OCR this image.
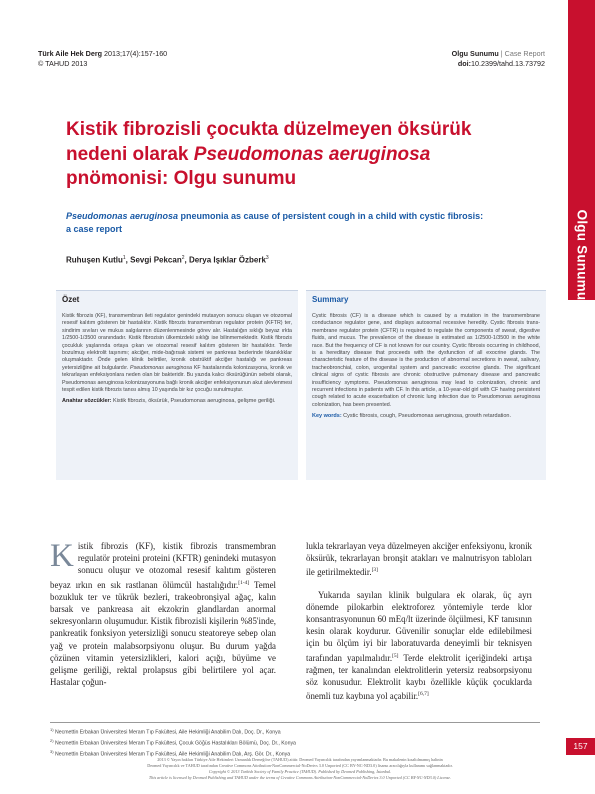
Olgu Sunumu
Türk Aile Hek Derg 2013;17(4):157-160
© TAHUD 2013
Olgu Sunumu | Case Report
doi:10.2399/tahd.13.73792
Kistik fibrozisli çocukta düzelmeyen öksürük
nedeni olarak Pseudomonas aeruginosa
pnömonisi: Olgu sunumu
Pseudomonas aeruginosa pneumonia as cause of persistent cough in a child with cystic fibrosis:
a case report
Ruhuşen Kutlu$^1$, Sevgi Pekcan$^2$, Derya Işıklar Özberk$^3$
Özet
Kistik fibrozis (KF), transmembran ileti regulator genindeki mutasyon sonucu oluşan ve otozomal resesif kalıtım gösteren bir hastalıktır. Kistik fibrozis transmembran regulator protein (KFTR) ter, sindirim sıvıları ve mukus salgılarının düzenlenmesinde görev alır. Hastalığın sıklığı beyaz ırkta 1/2500-1/3500 oranındadır. Kistik fibrozisin ülkemizdeki sıklığı ise bilinmemektedir. Kistik fibrozis çocukluk yaşlarında ortaya çıkan ve otozomal resesif kalıtım gösteren bir hastalıktır. Terde bozulmuş elektrolit taşınımı; akciğer, mide-bağırsak sistemi ve pankreas bezlerinde tıkanıklıklar oluşmaktadır. Önde gelen klinik belirtiler, kronik obstrüktif akciğer hastalığı ve pankreas yetersizliğine ait bulgulardır. Pseudomonas aeruginosa KF hastalarında kolonizasyona, kronik ve tekrarlayan enfeksiyonlara neden olan bir bakteridir. Bu yazıda kalıcı öksürüğünün sebebi olarak, Pseudomonas aeruginosa kolonizasyonuna bağlı kronik akciğer enfeksiyonunun akut alevlenmesi tespit edilen kistik fibrozis tanısı almış 10 yaşında bir kız çocuğu sunulmuştur.
Anahtar sözcükler: Kistik fibrozis, öksürük, Pseudomonas aeruginosa, gelişme geriliği.
Summary
Cystic fibrosis (CF) is a disease which is caused by a mutation in the transmembrane conductance regulator gene, and displays autosomal recessive heredity. Cystic fibrosis trans-membrane regulator protein (CFTR) is required to regulate the components of sweat, digestive fluids, and mucus. The prevalence of the disease is estimated as 1/2500-1/3500 in the white race. But the frequency of CF is not known for our country. Cystic fibrosis occurring in childhood, is a hereditary disease that proceeds with the dysfunction of all exocrine glands. The characteristic feature of the disease is the production of abnormal secretions in sweat, salivary, tracheobronchial, colon, urogenital system and pancreatic exocrine glands. The significant clinical signs of cystic fibrosis are chronic obstructive pulmonary disease and pancreatic insufficiency symptoms. Pseudomonas aeruginosa may lead to colonization, chronic and recurrent infections in patients with CF. In this article, a 10-year-old girl with CF having persistent cough related to acute exacerbation of chronic lung infection due to Pseudomonas aeruginosa colonization, has been presented.
Key words: Cystic fibrosis, cough, Pseudomonas aeruginosa, growth retardation.
K istik fibrozis (KF), kistik fibrozis transmembran regulatör proteini proteini (KFTR) genindeki mutasyon sonucu oluşur ve otozomal resesif kalıtım gösteren beyaz ırkın en sık rastlanan ölümcül hastalığıdır.[1-4] Temel bozukluk ter ve tükrük bezleri, trakeobronşiyal ağaç, kalın barsak ve pankreasa ait ekzokrin glandlardan anormal sekresyonların oluşumudur. Kistik fibrozisli kişilerin %85'inde, pankreatik fonksiyon yetersizliği sonucu steatoreye sebep olan yağ ve protein malabsorpsiyonu oluşur. Bu durum yağda çözünen vitamin yetersizlikleri, kalori açığı, büyüme ve gelişme geriliği, rektal prolapsus gibi belirtilere yol açar. Hastalar çoğun-

lukla tekrarlayan veya düzelmeyen akciğer enfeksiyonu, kronik öksürük, tekrarlayan bronşit atakları ve malnutrisyon tabloları ile getirilmektedir.[3]

Yukarıda sayılan klinik bulgulara ek olarak, üç ayrı dönemde pilokarbin elektroforez yöntemiyle terde klor konsantrasyonunun 60 mEq/lt üzerinde ölçülmesi, KF tanısının kesin olarak koydurur. Güvenilir sonuçlar elde edilebilmesi için bu ölçüm iyi bir laboratuvarda deneyimli bir teknisyen tarafından yapılmalıdır.[5] Terde elektrolit içeriğindeki artışa rağmen, ter kanalından elektrolitlerin yetersiz reabsorpsiyonu söz konusudur. Elektrolit kaybı özellikle küçük çocuklarda önemli tuz kaybına yol açabilir.[6,7]

$^{1)}$ Necmettin Erbakan Üniversitesi Meram Tıp Fakültesi, Aile Hekimliği Anabilim Dalı, Doç. Dr., Konya
$^{2)}$ Necmettin Erbakan Üniversitesi Meram Tıp Fakültesi, Çocuk Göğüs Hastalıkları Bölümü, Doç. Dr., Konya
$^{3)}$ Necmettin Erbakan Üniversitesi Meram Tıp Fakültesi, Aile Hekimliği Anabilim Dalı, Arş. Gör. Dr., Konya
157
2013 © Yayın hakları Türkiye Aile Hekimleri Uzmanlık Derneği'ne (TAHUD) aittir. Deomed Yayıncılık tarafından yayımlanmaktadır. Bu makalenin kısaltılmamış halinin
Deomed Yayıncılık ve TAHUD tarafından Creative Commons Attribution-NonCommercial-NoDerivs 3.0 Unported (CC BY-NC-ND3.0) lisansı aracılığıyla kullanımı sağlanmaktadır.
Copyright © 2013 Turkish Society of Family Practice (TAHUD). Published by Deomed Publishing, İstanbul.
This article is licensed by Deomed Publishing and TAHUD under the terms of Creative Commons Attribution-NonCommercial-NoDerivs 3.0 Unported (CC BY-NC-ND3.0) License.
